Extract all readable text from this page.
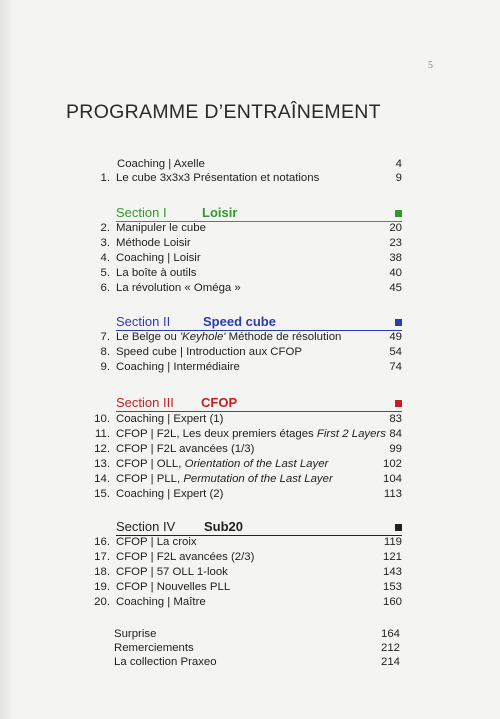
5
PROGRAMME D’ENTRAÎNEMENT
Coaching | Axelle	4
1. Le cube 3x3x3 Présentation et notations	9
Section I	Loisir
2. Manipuler le cube	20
3. Méthode Loisir	23
4. Coaching | Loisir	38
5. La boîte à outils	40
6. La révolution « Oméga »	45
Section II	Speed cube
7. Le Belge ou 'Keyhole' Méthode de résolution	49
8. Speed cube | Introduction aux CFOP	54
9. Coaching | Intermédiaire	74
Section III CFOP
10. Coaching | Expert (1)	83
11. CFOP | F2L, Les deux premiers étages First 2 Layers 84
12. CFOP | F2L avancées (1/3)	99
13. CFOP | OLL, Orientation of the Last Layer	102
14. CFOP | PLL, Permutation of the Last Layer	104
15. Coaching | Expert (2)	113
Section IV Sub20
16. CFOP | La croix	119
17. CFOP | F2L avancées (2/3)	121
18. CFOP | 57 OLL 1-look	143
19. CFOP | Nouvelles PLL	153
20. Coaching | Maître	160
Surprise	164
Remerciements	212
La collection Praxeo	214
